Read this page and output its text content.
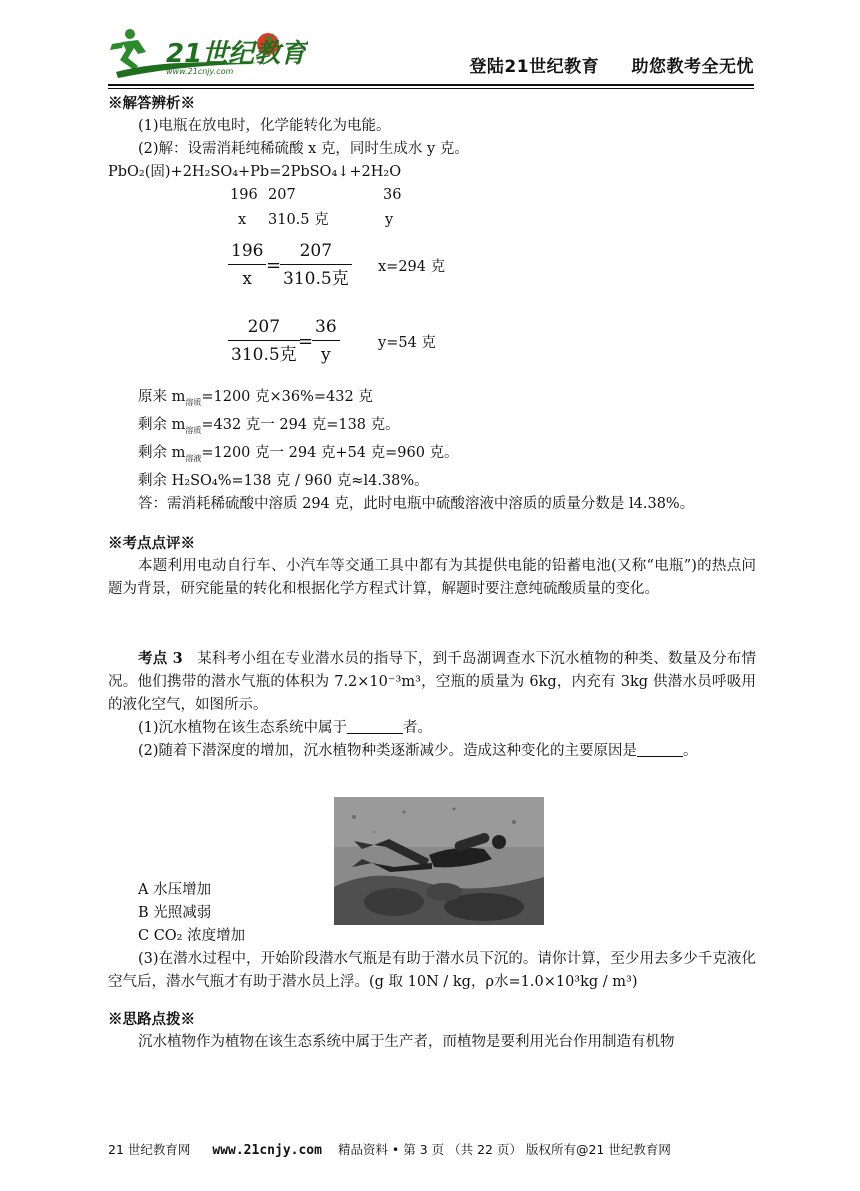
21世纪教育
www.21cnjy.com	登陆21世纪教育 助您教考全无忧

※解答辨析※

(1)电瓶在放电时，化学能转化为电能。

(2)解：设需消耗纯稀硫酸 x 克，同时生成水 y 克。

PbO₂(固)+2H₂SO₄+Pb=2PbSO₄↓+2H₂O

196 207	36
x 310.5 克	y
$\frac{196}{x}$ =
207
310.5克
x=294 克
207
310.5克
=
$\frac{36}{y}$	y=54 克

原来 $m_{溶质}=1200$ 克×36%=432 克

剩余 $m_{溶质}=432$ 克一 294 克=138 克。

剩余 $m_{溶液}=1200$ 克一 294 克+54 克=960 克。

剩余 H₂SO₄%=138 克 / 960 克≈l4.38%。

答：需消耗稀硫酸中溶质 294 克，此时电瓶中硫酸溶液中溶质的质量分数是 l4.38%。

※考点点评※

本题利用电动自行车、小汽车等交通工具中都有为其提供电能的铅蓄电池(又称“电瓶”)的热点问题为背景，研究能量的转化和根据化学方程式计算，解题时要注意纯硫酸质量的变化。

考点 3 某科考小组在专业潜水员的指导下，到千岛湖调查水下沉水植物的种类、数量及分布情况。他们携带的潜水气瓶的体积为 7.2×10⁻³m³，空瓶的质量为 6kg，内充有 3kg 供潜水员呼吸用的液化空气，如图所示。

(1)沉水植物在该生态系统中属于	者。

(2)随着下潜深度的增加，沉水植物种类逐渐减少。造成这种变化的主要原因是	。

A 水压增加

B 光照减弱

C CO₂ 浓度增加

(3)在潜水过程中，开始阶段潜水气瓶是有助于潜水员下沉的。请你计算，至少用去多少千克液化空气后，潜水气瓶才有助于潜水员上浮。(g 取 10N / kg，ρ水=1.0×10³kg / m³)

※思路点拨※

沉水植物作为植物在该生态系统中属于生产者，而植物是要利用光台作用制造有机物

21 世纪教育网 www.21cnjy.com 精品资料 • 第 3 页 （共 22 页） 版权所有@21 世纪教育网
